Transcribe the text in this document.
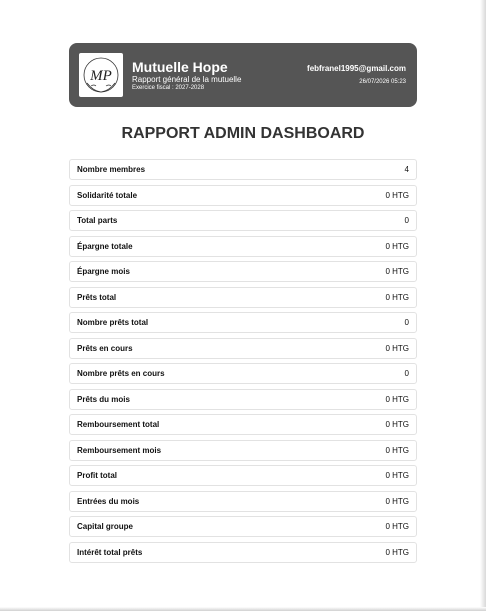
MP
Mutuelle Hope
Rapport général de la mutuelle
Exercice fiscal : 2027-2028
febfranel1995@gmail.com
26/07/2026 05:23
RAPPORT ADMIN DASHBOARD
Nombre membres	4
Solidarité totale	0 HTG
Total parts	0
Épargne totale	0 HTG
Épargne mois	0 HTG
Prêts total	0 HTG
Nombre prêts total	0
Prêts en cours	0 HTG
Nombre prêts en cours	0
Prêts du mois	0 HTG
Remboursement total	0 HTG
Remboursement mois	0 HTG
Profit total	0 HTG
Entrées du mois	0 HTG
Capital groupe	0 HTG
Intérêt total prêts	0 HTG
